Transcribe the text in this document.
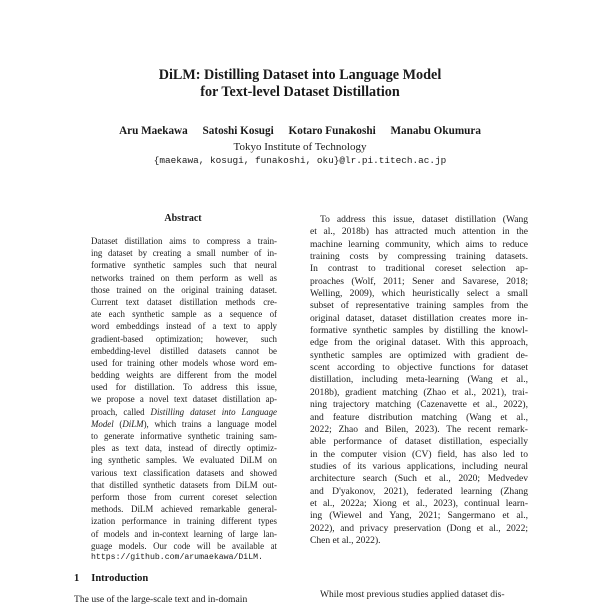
DiLM: Distilling Dataset into Language Model
for Text-level Dataset Distillation
Aru Maekawa Satoshi Kosugi Kotaro Funakoshi Manabu Okumura
Tokyo Institute of Technology
{maekawa, kosugi, funakoshi, oku}@lr.pi.titech.ac.jp
Abstract
Dataset distillation aims to compress a train-
ing dataset by creating a small number of in-
formative synthetic samples such that neural
networks trained on them perform as well as
those trained on the original training dataset.
Current text dataset distillation methods cre-
ate each synthetic sample as a sequence of
word embeddings instead of a text to apply
gradient-based optimization; however, such
embedding-level distilled datasets cannot be
used for training other models whose word em-
bedding weights are different from the model
used for distillation. To address this issue,
we propose a novel text dataset distillation ap-
proach, called Distilling dataset into Language
Model (DiLM), which trains a language model
to generate informative synthetic training sam-
ples as text data, instead of directly optimiz-
ing synthetic samples. We evaluated DiLM on
various text classification datasets and showed
that distilled synthetic datasets from DiLM out-
perform those from current coreset selection
methods. DiLM achieved remarkable general-
ization performance in training different types
of models and in-context learning of large lan-
guage models. Our code will be available at
https://github.com/arumaekawa/DiLM.
1 Introduction
The use of the large-scale text and in-domain
To address this issue, dataset distillation (Wang
et al., 2018b) has attracted much attention in the
machine learning community, which aims to reduce
training costs by compressing training datasets.
In contrast to traditional coreset selection ap-
proaches (Wolf, 2011; Sener and Savarese, 2018;
Welling, 2009), which heuristically select a small
subset of representative training samples from the
original dataset, dataset distillation creates more in-
formative synthetic samples by distilling the knowl-
edge from the original dataset. With this approach,
synthetic samples are optimized with gradient de-
scent according to objective functions for dataset
distillation, including meta-learning (Wang et al.,
2018b), gradient matching (Zhao et al., 2021), trai-
ning trajectory matching (Cazenavette et al., 2022),
and feature distribution matching (Wang et al.,
2022; Zhao and Bilen, 2023). The recent remark-
able performance of dataset distillation, especially
in the computer vision (CV) field, has also led to
studies of its various applications, including neural
architecture search (Such et al., 2020; Medvedev
and D'yakonov, 2021), federated learning (Zhang
et al., 2022a; Xiong et al., 2023), continual learn-
ing (Wiewel and Yang, 2021; Sangermano et al.,
2022), and privacy preservation (Dong et al., 2022;
Chen et al., 2022).
While most previous studies applied dataset dis-
